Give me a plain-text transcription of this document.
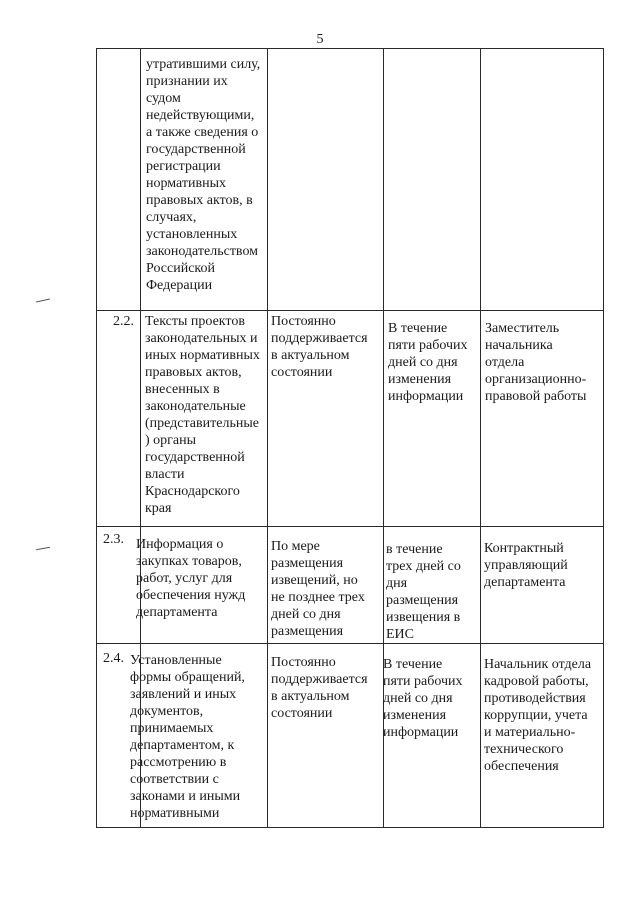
5
утратившими силу,
признании их
судом
недействующими,
а также сведения о
государственной
регистрации
нормативных
правовых актов, в
случаях,
установленных
законодательством
Российской
Федерации
2.2. Тексты проектов
законодательных и
иных нормативных
правовых актов,
внесенных в
законодательные
(представительные
) органы
государственной
власти
Краснодарского
края
Постоянно
поддерживается
в актуальном
состоянии
В течение
пяти рабочих
дней со дня
изменения
информации
Заместитель
начальника
отдела
организационно-
правовой работы
2.3. Информация о
закупках товаров,
работ, услуг для
обеспечения нужд
департамента
По мере
размещения
извещений, но
не позднее трех
дней со дня
размещения
в течение
трех дней со
дня
размещения
извещения в
ЕИС
Контрактный
управляющий
департамента
2.4. Установленные
формы обращений,
заявлений и иных
документов,
принимаемых
департаментом, к
рассмотрению в
соответствии с
законами и иными
нормативными
Постоянно
поддерживается
в актуальном
состоянии
В течение
пяти рабочих
дней со дня
изменения
информации
Начальник отдела
кадровой работы,
противодействия
коррупции, учета
и материально-
технического
обеспечения
